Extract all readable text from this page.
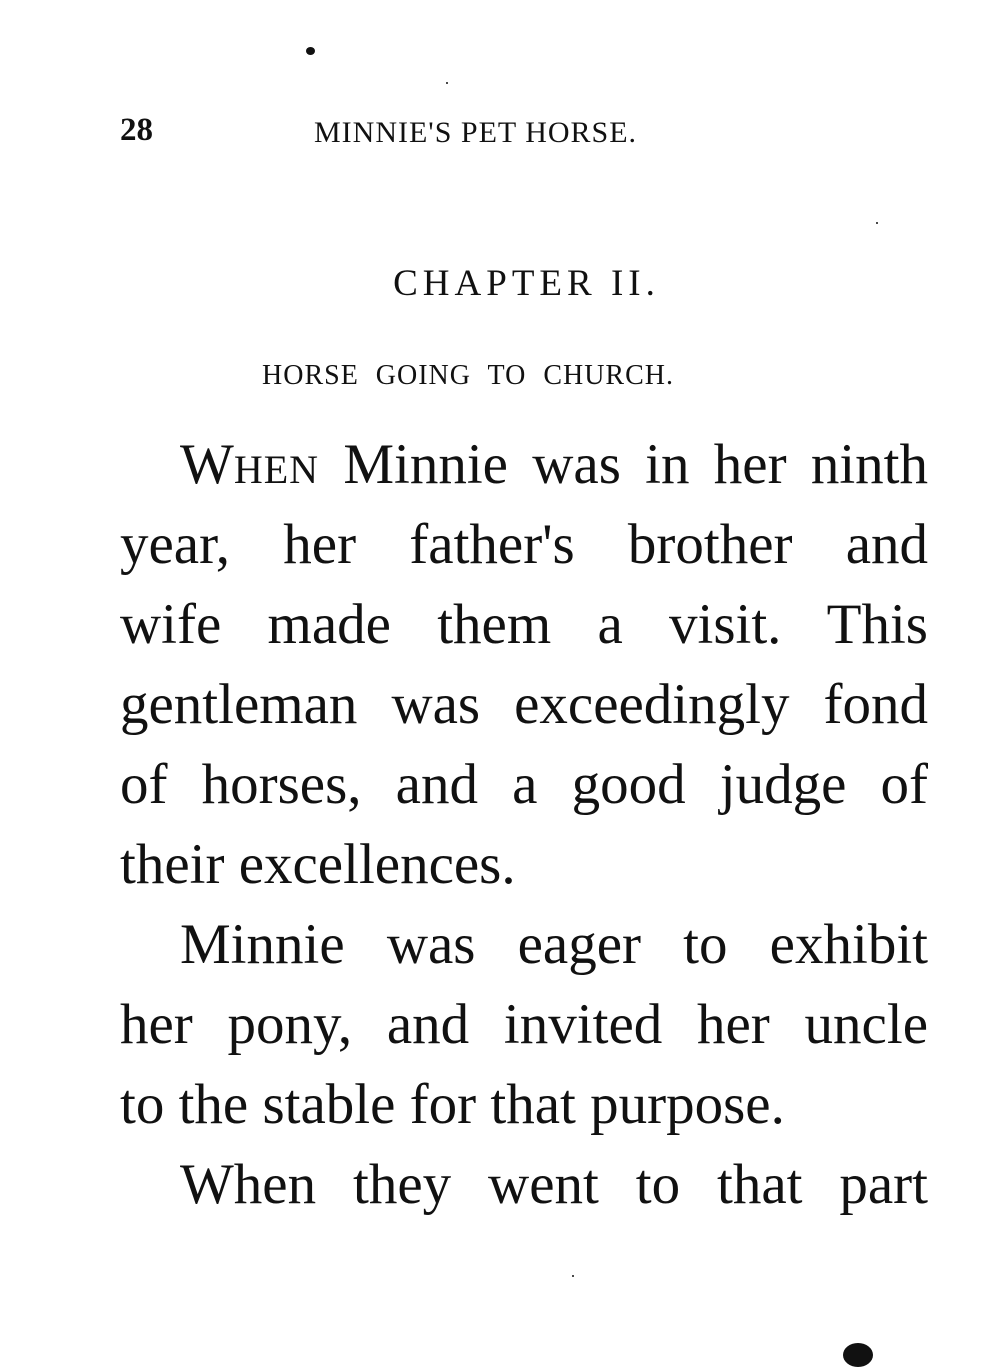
28	MINNIE'S PET HORSE.
CHAPTER II.
HORSE GOING TO CHURCH.
WHEN Minnie was in her ninth
year, her father's brother and
wife made them a visit. This
gentleman was exceedingly fond
of horses, and a good judge of
their excellences.
Minnie was eager to exhibit
her pony, and invited her uncle
to the stable for that purpose.
When they went to that part
